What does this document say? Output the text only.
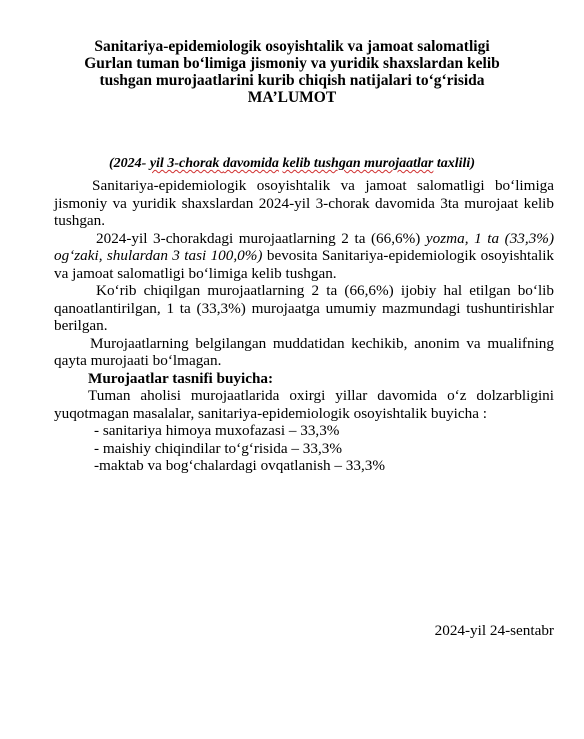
Sanitariya-epidemiologik osoyishtalik va jamoat salomatligi
Gurlan tuman bo‘limiga jismoniy va yuridik shaxslardan kelib
tushgan murojaatlarini kurib chiqish natijalari to‘g‘risida
MA’LUMOT
(2024- yil 3-chorak davomida kelib tushgan murojaatlar taxlili)

Sanitariya-epidemiologik osoyishtalik va jamoat salomatligi bo‘limiga jismoniy va yuridik shaxslardan 2024-yil 3-chorak davomida 3ta murojaat kelib tushgan.

2024-yil 3-chorakdagi murojaatlarning 2 ta (66,6%) yozma, 1 ta (33,3%) og‘zaki, shulardan 3 tasi 100,0%) bevosita Sanitariya-epidemiologik osoyishtalik va jamoat salomatligi bo‘limiga kelib tushgan.

Ko‘rib chiqilgan murojaatlarning 2 ta (66,6%) ijobiy hal etilgan bo‘lib qanoatlantirilgan, 1 ta (33,3%) murojaatga umumiy mazmundagi tushuntirishlar berilgan.

Murojaatlarning belgilangan muddatidan kechikib, anonim va mualifning qayta murojaati bo‘lmagan.

Murojaatlar tasnifi buyicha:

Tuman aholisi murojaatlarida oxirgi yillar davomida o‘z dolzarbligini yuqotmagan masalalar, sanitariya-epidemiologik osoyishtalik buyicha :

- sanitariya himoya muxofazasi – 33,3%

- maishiy chiqindilar to‘g‘risida – 33,3%

-maktab va bog‘chalardagi ovqatlanish – 33,3%

2024-yil 24-sentabr
